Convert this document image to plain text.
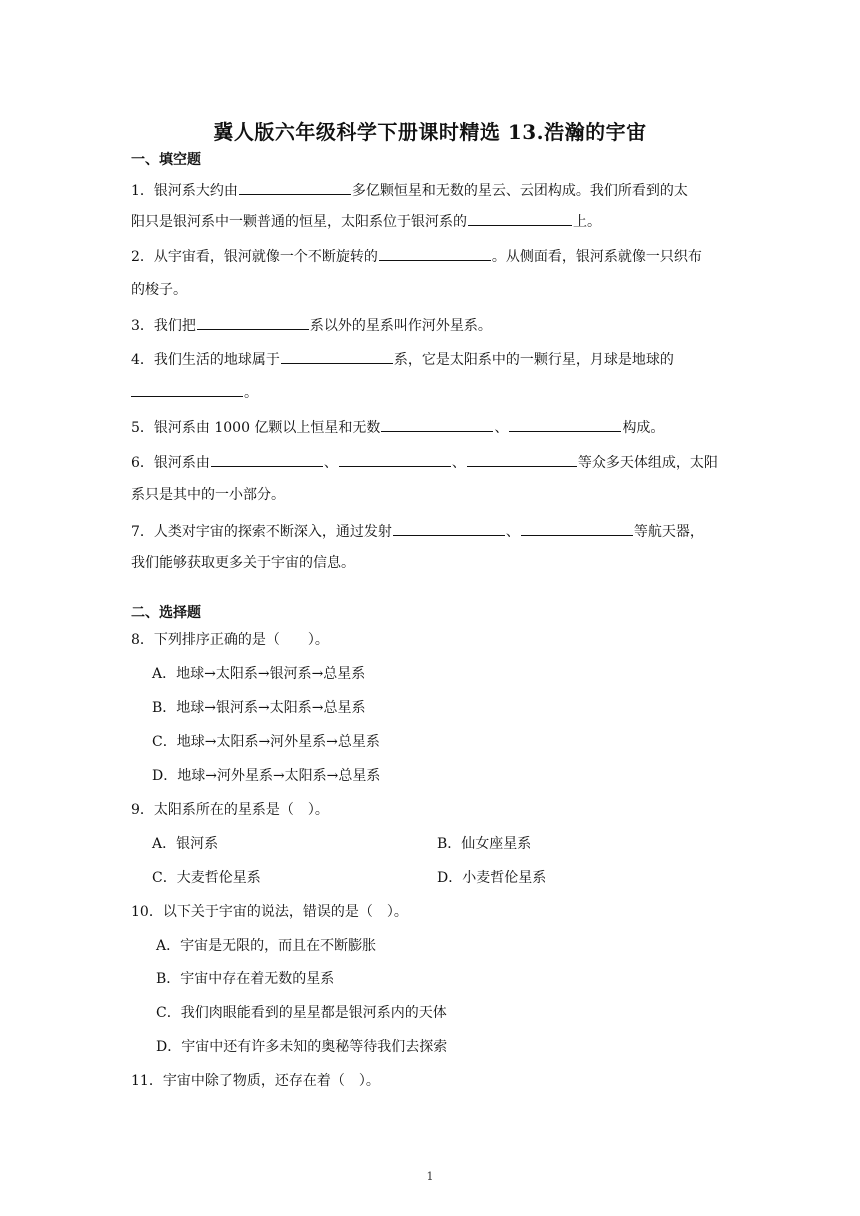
冀人版六年级科学下册课时精选 13.浩瀚的宇宙
一、填空题
1．银河系大约由	多亿颗恒星和无数的星云、云团构成。我们所看到的太
阳只是银河系中一颗普通的恒星，太阳系位于银河系的	上。
2．从宇宙看，银河就像一个不断旋转的	。从侧面看，银河系就像一只织布
的梭子。
3．我们把	系以外的星系叫作河外星系。
4．我们生活的地球属于	系，它是太阳系中的一颗行星，月球是地球的
。
5．银河系由 1000 亿颗以上恒星和无数	、	构成。
6．银河系由	、	、	等众多天体组成，太阳
系只是其中的一小部分。
7．人类对宇宙的探索不断深入，通过发射	、	等航天器，
我们能够获取更多关于宇宙的信息。
二、选择题
8．下列排序正确的是（　　）。
A．地球→太阳系→银河系→总星系
B．地球→银河系→太阳系→总星系
C．地球→太阳系→河外星系→总星系
D．地球→河外星系→太阳系→总星系
9．太阳系所在的星系是（　）。
A．银河系	B．仙女座星系
C．大麦哲伦星系	D．小麦哲伦星系
10．以下关于宇宙的说法，错误的是（　）。
A．宇宙是无限的，而且在不断膨胀
B．宇宙中存在着无数的星系
C．我们肉眼能看到的星星都是银河系内的天体
D．宇宙中还有许多未知的奥秘等待我们去探索
11．宇宙中除了物质，还存在着（　）。
1
